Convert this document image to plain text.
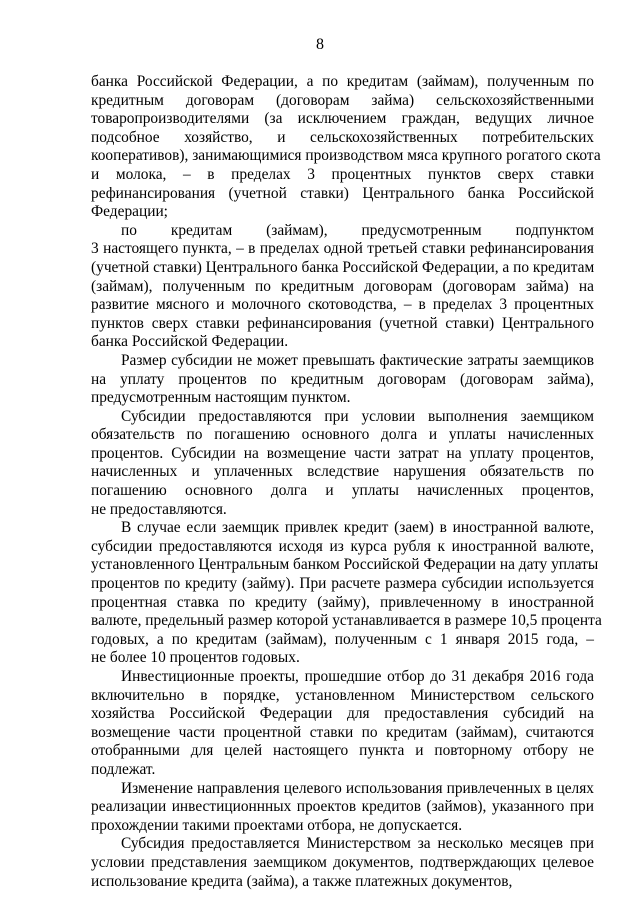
8
банка Российской Федерации, а по кредитам (займам), полученным по
кредитным договорам (договорам займа) сельскохозяйственными
товаропроизводителями (за исключением граждан, ведущих личное
подсобное хозяйство, и сельскохозяйственных потребительских
кооперативов), занимающимися производством мяса крупного рогатого скота
и молока, – в пределах 3 процентных пунктов сверх ставки
рефинансирования (учетной ставки) Центрального банка Российской
Федерации;
по кредитам (займам), предусмотренным подпунктом
3 настоящего пункта, – в пределах одной третьей ставки рефинансирования
(учетной ставки) Центрального банка Российской Федерации, а по кредитам
(займам), полученным по кредитным договорам (договорам займа) на
развитие мясного и молочного скотоводства, – в пределах 3 процентных
пунктов сверх ставки рефинансирования (учетной ставки) Центрального
банка Российской Федерации.
Размер субсидии не может превышать фактические затраты заемщиков
на уплату процентов по кредитным договорам (договорам займа),
предусмотренным настоящим пунктом.
Субсидии предоставляются при условии выполнения заемщиком
обязательств по погашению основного долга и уплаты начисленных
процентов. Субсидии на возмещение части затрат на уплату процентов,
начисленных и уплаченных вследствие нарушения обязательств по
погашению основного долга и уплаты начисленных процентов,
не предоставляются.
В случае если заемщик привлек кредит (заем) в иностранной валюте,
субсидии предоставляются исходя из курса рубля к иностранной валюте,
установленного Центральным банком Российской Федерации на дату уплаты
процентов по кредиту (займу). При расчете размера субсидии используется
процентная ставка по кредиту (займу), привлеченному в иностранной
валюте, предельный размер которой устанавливается в размере 10,5 процента
годовых, а по кредитам (займам), полученным с 1 января 2015 года, –
не более 10 процентов годовых.
Инвестиционные проекты, прошедшие отбор до 31 декабря 2016 года
включительно в порядке, установленном Министерством сельского
хозяйства Российской Федерации для предоставления субсидий на
возмещение части процентной ставки по кредитам (займам), считаются
отобранными для целей настоящего пункта и повторному отбору не
подлежат.
Изменение направления целевого использования привлеченных в целях
реализации инвестиционнных проектов кредитов (займов), указанного при
прохождении такими проектами отбора, не допускается.
Субсидия предоставляется Министерством за несколько месяцев при
условии представления заемщиком документов, подтверждающих целевое
использование кредита (займа), а также платежных документов,
